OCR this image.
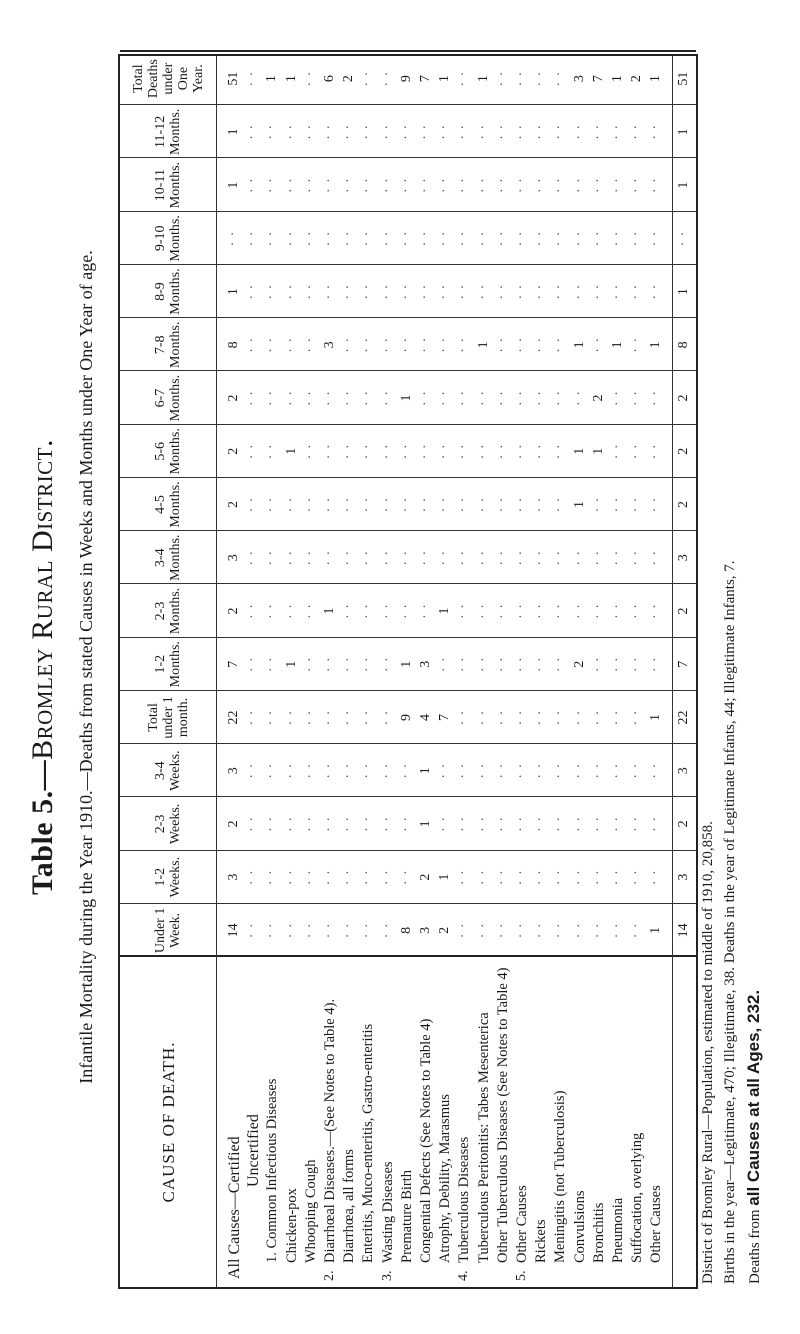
Table 5.—Bromley Rural District. Infantile Mortality during the Year 1910.—Deaths from stated Causes in Weeks and Months under One Year of age.
CAUSE OF DEATH.
Under 1 Week.
1-2 Weeks.
2-3 Weeks.
3-4 Weeks.
Total under 1 month.
1-2 Months.
2-3 Months.
3-4 Months.
4-5 Months.
5-6 Months.
6-7 Months.
7-8 Months.
8-9 Months.
9-10 Months.
10-11 Months.
11-12 Months.
Total Deaths under One Year.
All Causes—Certified
14
3
2
3
22
7
2
3
2
2
2
8
1
· ·
1
1
51
Uncertified
· ·
· ·
· ·
· ·
· ·
· ·
· ·
· ·
· ·
· ·
· ·
· ·
· ·
· ·
· ·
· ·
· ·
1. Common Infectious Diseases
· ·
· ·
· ·
· ·
· ·
· ·
· ·
· ·
· ·
· ·
· ·
· ·
· ·
· ·
· ·
· ·
1
Chicken-pox
· ·
· ·
· ·
· ·
· ·
1
· ·
· ·
· ·
1
· ·
· ·
· ·
· ·
· ·
· ·
1
Whooping Cough
· ·
· ·
· ·
· ·
· ·
· ·
· ·
· ·
· ·
· ·
· ·
· ·
· ·
· ·
· ·
· ·
· ·
2.
Diarrhœal Diseases.—(See Notes to Table 4).
· ·
· ·
· ·
· ·
· ·
· ·
1
· ·
· ·
· ·
· ·
3
· ·
· ·
· ·
· ·
6
Diarrhœa, all forms
· ·
· ·
· ·
· ·
· ·
· ·
· ·
· ·
· ·
· ·
· ·
· ·
· ·
· ·
· ·
· ·
2
Enteritis, Muco-enteritis, Gastro-enteritis
· ·
· ·
· ·
· ·
· ·
· ·
· ·
· ·
· ·
· ·
· ·
· ·
· ·
· ·
· ·
· ·
· ·
3.
Wasting Diseases
· ·
· ·
· ·
· ·
· ·
· ·
· ·
· ·
· ·
· ·
· ·
· ·
· ·
· ·
· ·
· ·
· ·
Premature Birth
8
· ·
· ·
· ·
9
1
· ·
· ·
· ·
· ·
1
· ·
· ·
· ·
· ·
· ·
9
Congenital Defects (See Notes to Table 4)
3
2
1
1
4
3
· ·
· ·
· ·
· ·
· ·
· ·
· ·
· ·
· ·
· ·
7
Atrophy, Debility, Marasmus
2
1
· ·
· ·
7
· ·
1
· ·
· ·
· ·
· ·
· ·
· ·
· ·
· ·
· ·
1
4.
Tuberculous Diseases
· ·
· ·
· ·
· ·
· ·
· ·
· ·
· ·
· ·
· ·
· ·
· ·
· ·
· ·
· ·
· ·
· ·
Tuberculous Peritonitis: Tabes Mesenterica
· ·
· ·
· ·
· ·
· ·
· ·
· ·
· ·
· ·
· ·
· ·
1
· ·
· ·
· ·
· ·
1
Other Tuberculous Diseases (See Notes to Table 4)
· ·
· ·
· ·
· ·
· ·
· ·
· ·
· ·
· ·
· ·
· ·
· ·
· ·
· ·
· ·
· ·
· ·
5.
Other Causes
· ·
· ·
· ·
· ·
· ·
· ·
· ·
· ·
· ·
· ·
· ·
· ·
· ·
· ·
· ·
· ·
· ·
Rickets
· ·
· ·
· ·
· ·
· ·
· ·
· ·
· ·
· ·
· ·
· ·
· ·
· ·
· ·
· ·
· ·
· ·
Meningitis (not Tuberculosis)
· ·
· ·
· ·
· ·
· ·
· ·
· ·
· ·
· ·
· ·
· ·
· ·
· ·
· ·
· ·
· ·
· ·
Convulsions
· ·
· ·
· ·
· ·
· ·
2
· ·
· ·
1
1
· ·
1
· ·
· ·
· ·
· ·
3
Bronchitis
· ·
· ·
· ·
· ·
· ·
· ·
· ·
· ·
· ·
1
2
· ·
· ·
· ·
· ·
· ·
7
Pneumonia
· ·
· ·
· ·
· ·
· ·
· ·
· ·
· ·
· ·
· ·
· ·
1
· ·
· ·
· ·
· ·
1
Suffocation, overlying
· ·
· ·
· ·
· ·
· ·
· ·
· ·
· ·
· ·
· ·
· ·
· ·
· ·
· ·
· ·
· ·
2
Other Causes
1
· ·
· ·
· ·
1
· ·
· ·
· ·
· ·
· ·
· ·
1
· ·
· ·
· ·
· ·
1
14
3
2
3
22
7
2
3
2
2
2
8
1
· ·
1
1
51
District of Bromley Rural—Population, estimated to middle of 1910, 20,858. Births in the year—Legitimate, 470; Illegitimate, 38. Deaths in the year of Legitimate Infants, 44; Illegitimate Infants, 7. Deaths from all Causes at all Ages, 232.
